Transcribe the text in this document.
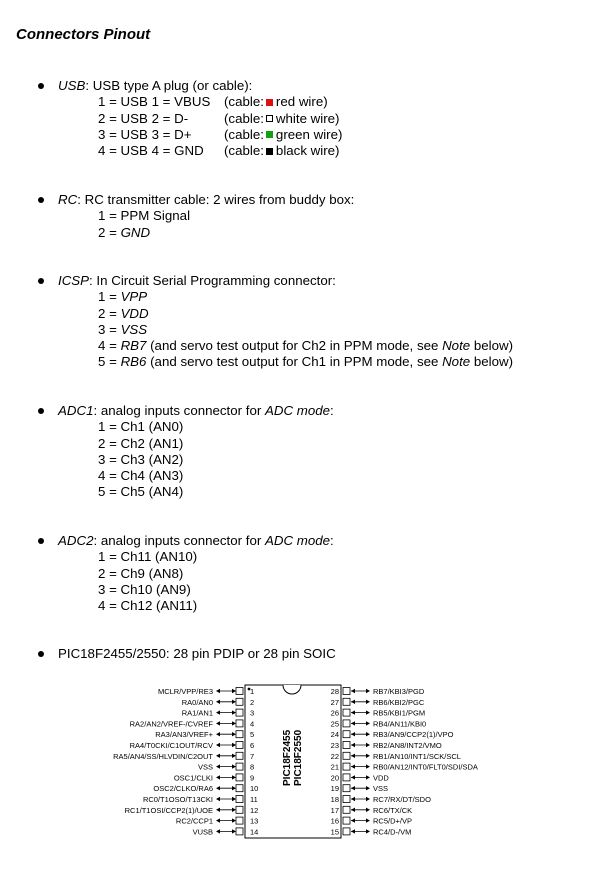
Connectors Pinout
USB: USB type A plug (or cable):
1 = USB 1 = VBUS (cable: red wire)
2 = USB 2 = D-	(cable: white wire)
3 = USB 3 = D+ (cable: green wire)
4 = USB 4 = GND (cable: black wire)
RC: RC transmitter cable: 2 wires from buddy box:
1 = PPM Signal
2 = GND
ICSP: In Circuit Serial Programming connector:
1 = VPP
2 = VDD
3 = VSS
4 = RB7 (and servo test output for Ch2 in PPM mode, see Note below)
5 = RB6 (and servo test output for Ch1 in PPM mode, see Note below)
ADC1: analog inputs connector for ADC mode:
1 = Ch1 (AN0)
2 = Ch2 (AN1)
3 = Ch3 (AN2)
4 = Ch4 (AN3)
5 = Ch5 (AN4)
ADC2: analog inputs connector for ADC mode:
1 = Ch11 (AN10)
2 = Ch9 (AN8)
3 = Ch10 (AN9)
4 = Ch12 (AN11)
PIC18F2455/2550: 28 pin PDIP or 28 pin SOIC
PIC18F2455 PIC18F2550
1
MCLR/VPP/RE3
2
RA0/AN0
3
RA1/AN1
4
RA2/AN2/VREF-/CVREF
5
RA3/AN3/VREF+
6
RA4/T0CKI/C1OUT/RCV
7
RA5/AN4/SS/HLVDIN/C2OUT
8
VSS
9
OSC1/CLKI
10
OSC2/CLKO/RA6
11
RC0/T1OSO/T13CKI
12
RC1/T1OSI/CCP2(1)/UOE
13
RC2/CCP1
14
VUSB
28	RB7/KBI3/PGD
27	RB6/KBI2/PGC
26	RB5/KBI1/PGM
25	RB4/AN11/KBI0
24	RB3/AN9/CCP2(1)/VPO
23	RB2/AN8/INT2/VMO
22	RB1/AN10/INT1/SCK/SCL
21	RB0/AN12/INT0/FLT0/SDI/SDA
20	VDD
19	VSS
18	RC7/RX/DT/SDO
17	RC6/TX/CK
16	RC5/D+/VP
15	RC4/D-/VM
